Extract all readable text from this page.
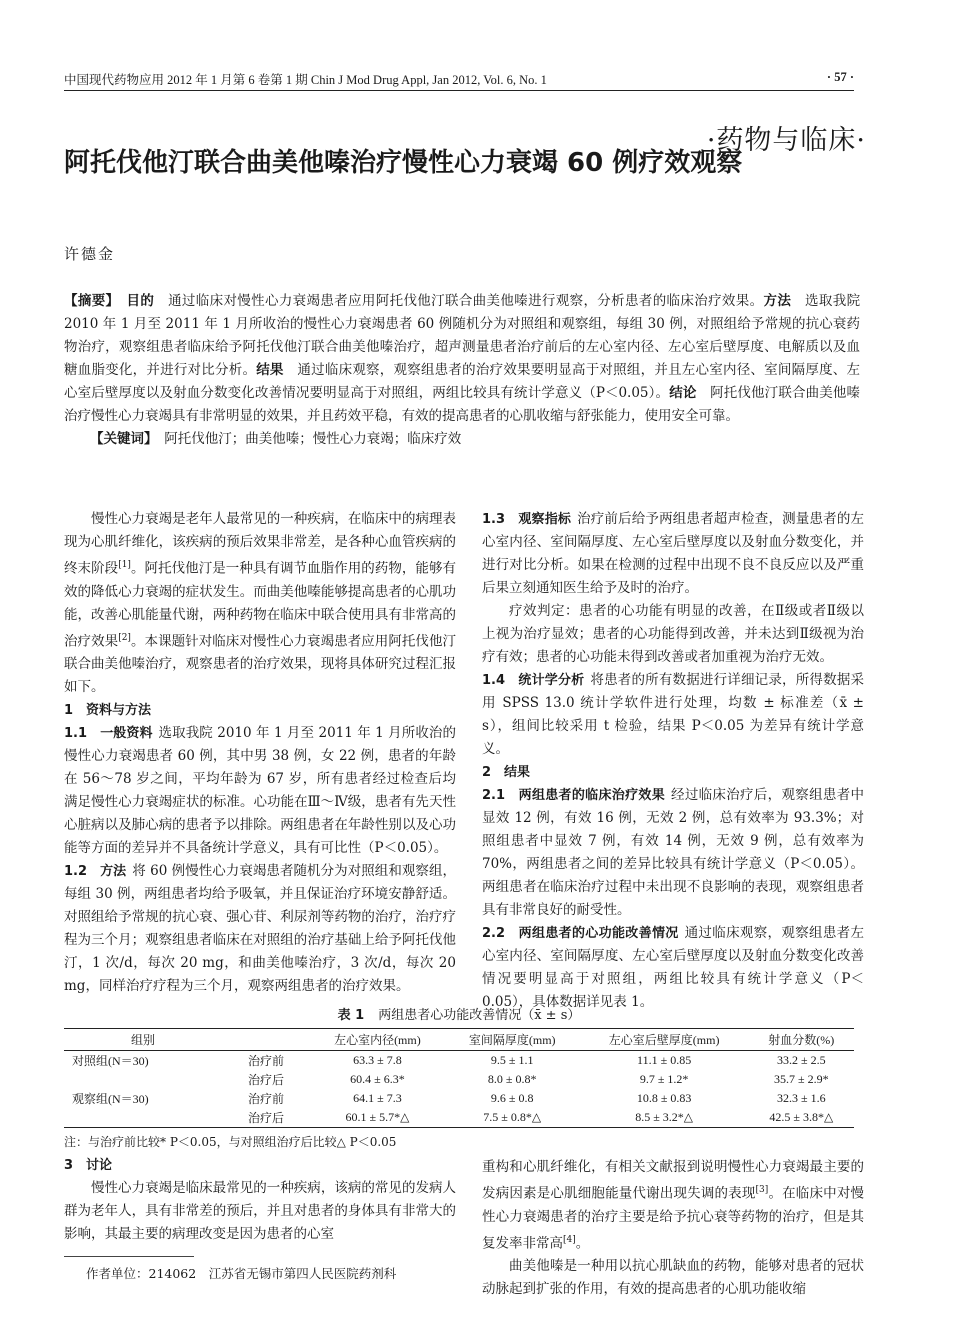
中国现代药物应用 2012 年 1 月第 6 卷第 1 期 Chin J Mod Drug Appl, Jan 2012, Vol. 6, No. 1	· 57 ·
·药物与临床·
阿托伐他汀联合曲美他嗪治疗慢性心力衰竭 60 例疗效观察
许德金

【摘要】　 目的　 通过临床对慢性心力衰竭患者应用阿托伐他汀联合曲美他嗪进行观察，分析患者的临床治疗效果。方法　 选取我院 2010 年 1 月至 2011 年 1 月所收治的慢性心力衰竭患者 60 例随机分为对照组和观察组，每组 30 例，对照组给予常规的抗心衰药物治疗，观察组患者临床给予阿托伐他汀联合曲美他嗪治疗，超声测量患者治疗前后的左心室内径、左心室后壁厚度、电解质以及血糖血脂变化，并进行对比分析。结果　 通过临床观察，观察组患者的治疗效果要明显高于对照组，并且左心室内径、室间隔厚度、左心室后壁厚度以及射血分数变化改善情况要明显高于对照组，两组比较具有统计学意义（P＜0.05）。结论　 阿托伐他汀联合曲美他嗪治疗慢性心力衰竭具有非常明显的效果，并且药效平稳，有效的提高患者的心肌收缩与舒张能力，使用安全可靠。

【关键词】　 阿托伐他汀；曲美他嗪；慢性心力衰竭；临床疗效

慢性心力衰竭是老年人最常见的一种疾病，在临床中的病理表现为心肌纤维化，该疾病的预后效果非常差，是各种心血管疾病的终末阶段[1]。阿托伐他汀是一种具有调节血脂作用的药物，能够有效的降低心力衰竭的症状发生。而曲美他嗪能够提高患者的心肌功能，改善心肌能量代谢，两种药物在临床中联合使用具有非常高的治疗效果[2]。本课题针对临床对慢性心力衰竭患者应用阿托伐他汀联合曲美他嗪治疗，观察患者的治疗效果，现将具体研究过程汇报如下。

1　资料与方法

1.1　一般资料 选取我院 2010 年 1 月至 2011 年 1 月所收治的慢性心力衰竭患者 60 例，其中男 38 例，女 22 例，患者的年龄在 56～78 岁之间，平均年龄为 67 岁，所有患者经过检查后均满足慢性心力衰竭症状的标准。心功能在Ⅲ～Ⅳ级，患者有先天性心脏病以及肺心病的患者予以排除。两组患者在年龄性别以及心功能等方面的差异并不具备统计学意义，具有可比性（P＜0.05）。

1.2　方法 将 60 例慢性心力衰竭患者随机分为对照组和观察组，每组 30 例，两组患者均给予吸氧，并且保证治疗环境安静舒适。对照组给予常规的抗心衰、强心苷、利尿剂等药物的治疗，治疗疗程为三个月；观察组患者临床在对照组的治疗基础上给予阿托伐他汀，1 次/d，每次 20 mg，和曲美他嗪治疗，3 次/d，每次 20 mg，同样治疗疗程为三个月，观察两组患者的治疗效果。

1.3　观察指标 治疗前后给予两组患者超声检查，测量患者的左心室内径、室间隔厚度、左心室后壁厚度以及射血分数变化，并进行对比分析。如果在检测的过程中出现不良不良反应以及严重后果立刻通知医生给予及时的治疗。

疗效判定：患者的心功能有明显的改善，在Ⅱ级或者Ⅱ级以上视为治疗显效；患者的心功能得到改善，并未达到Ⅱ级视为治疗有效；患者的心功能未得到改善或者加重视为治疗无效。

1.4　统计学分析 将患者的所有数据进行详细记录，所得数据采用 SPSS 13.0 统计学软件进行处理，均数 ± 标准差（x̄ ± s），组间比较采用 t 检验，结果 P＜0.05 为差异有统计学意义。

2　结果

2.1　两组患者的临床治疗效果 经过临床治疗后，观察组患者中显效 12 例，有效 16 例，无效 2 例，总有效率为 93.3%；对照组患者中显效 7 例，有效 14 例，无效 9 例，总有效率为 70%，两组患者之间的差异比较具有统计学意义（P＜0.05）。两组患者在临床治疗过程中未出现不良影响的表现，观察组患者具有非常良好的耐受性。

2.2　两组患者的心功能改善情况 通过临床观察，观察组患者左心室内径、室间隔厚度、左心室后壁厚度以及射血分数变化改善情况要明显高于对照组，两组比较具有统计学意义（P＜0.05），具体数据详见表 1。

表 1 两组患者心功能改善情况（x̄ ± s）
组别		左心室内径(mm)	室间隔厚度(mm)	左心室后壁厚度(mm)	射血分数(%)
对照组(N＝30)	治疗前	63.3 ± 7.8	9.5 ± 1.1	11.1 ± 0.85	33.2 ± 2.5
	治疗后	60.4 ± 6.3*	8.0 ± 0.8*	9.7 ± 1.2*	35.7 ± 2.9*
观察组(N＝30)	治疗前	64.1 ± 7.3	9.6 ± 0.8	10.8 ± 0.83	32.3 ± 1.6
	治疗后	60.1 ± 5.7*△	7.5 ± 0.8*△	8.5 ± 3.2*△	42.5 ± 3.8*△
注：与治疗前比较* P＜0.05，与对照组治疗后比较△ P＜0.05

3　讨论

慢性心力衰竭是临床最常见的一种疾病，该病的常见的发病人群为老年人，具有非常差的预后，并且对患者的身体具有非常大的影响，其最主要的病理改变是因为患者的心室

重构和心肌纤维化，有相关文献报到说明慢性心力衰竭最主要的发病因素是心肌细胞能量代谢出现失调的表现[3]。在临床中对慢性心力衰竭患者的治疗主要是给予抗心衰等药物的治疗，但是其复发率非常高[4]。

曲美他嗪是一种用以抗心肌缺血的药物，能够对患者的冠状动脉起到扩张的作用，有效的提高患者的心肌功能收缩

作者单位：214062　江苏省无锡市第四人民医院药剂科
